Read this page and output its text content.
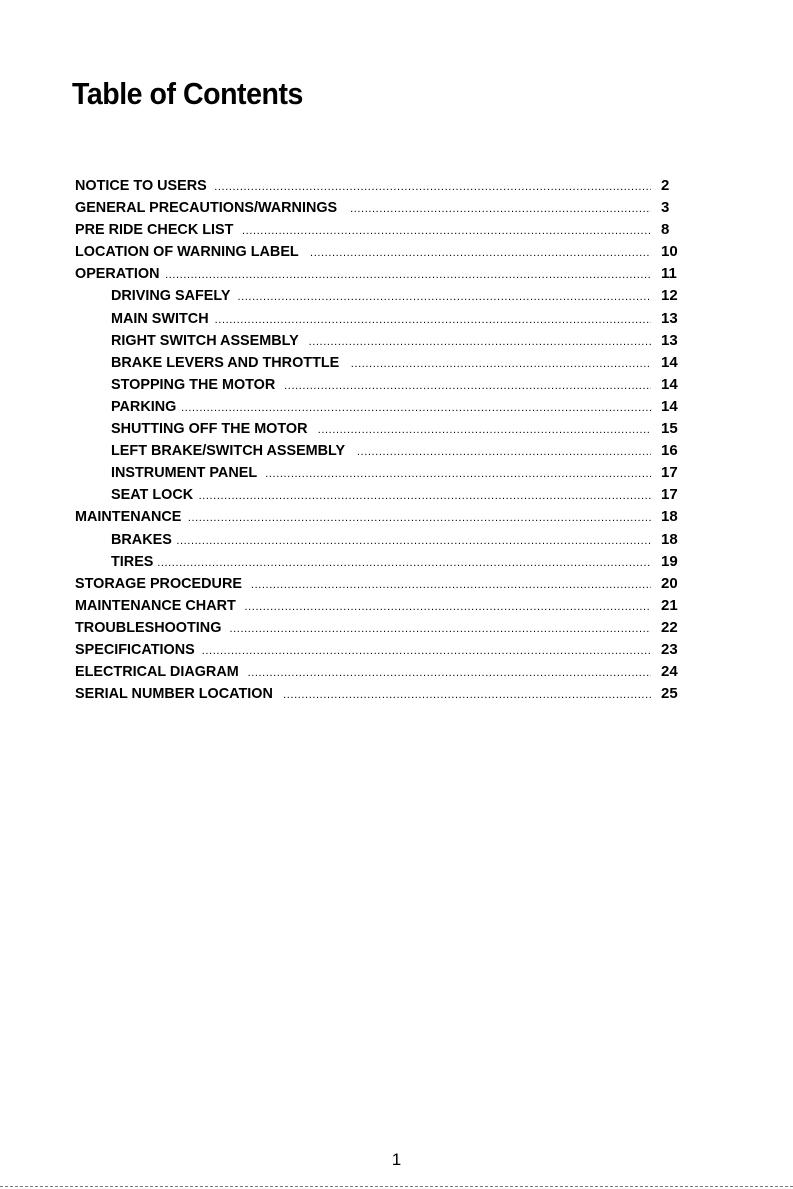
Table of Contents
NOTICE TO USERS .....	2
GENERAL PRECAUTIONS/WARNINGS .....	3
PRE RIDE CHECK LIST .....	8
LOCATION OF WARNING LABEL .....	10
OPERATION .....	11
DRIVING SAFELY .....	12
MAIN SWITCH .....	13
RIGHT SWITCH ASSEMBLY .....	13
BRAKE LEVERS AND THROTTLE .....	14
STOPPING THE MOTOR .....	14
PARKING .....	14
SHUTTING OFF THE MOTOR .....	15
LEFT BRAKE/SWITCH ASSEMBLY .....	16
INSTRUMENT PANEL .....	17
SEAT LOCK .....	17
MAINTENANCE .....	18
BRAKES .....	18
TIRES .....	19
STORAGE PROCEDURE .....	20
MAINTENANCE CHART .....	21
TROUBLESHOOTING .....	22
SPECIFICATIONS .....	23
ELECTRICAL DIAGRAM .....	24
SERIAL NUMBER LOCATION .....	25
1
